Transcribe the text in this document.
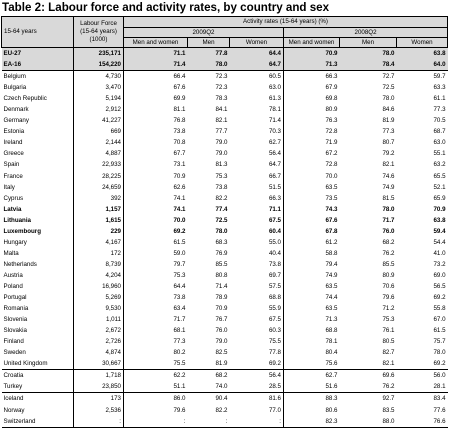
Table 2: Labour force and activity rates, by country and sex
15-64 years	Labour Force
(15-64 years)
(1000)	Activity rates (15-64 years) (%)					
		2009Q2			2008Q2		
		Men and women	Men	Women	Men and women	Men	Women
EU-27	235,171	71.1	77.8	64.4	70.9	78.0	63.8
EA-16	154,220	71.4	78.0	64.7	71.3	78.4	64.0
Belgium	4,730	66.4	72.3	60.5	66.3	72.7	59.7
Bulgaria	3,470	67.6	72.3	63.0	67.9	72.5	63.3
Czech Republic	5,194	69.9	78.3	61.3	69.8	78.0	61.1
Denmark	2,912	81.1	84.1	78.1	80.9	84.6	77.3
Germany	41,227	76.8	82.1	71.4	76.3	81.9	70.5
Estonia	669	73.8	77.7	70.3	72.8	77.3	68.7
Ireland	2,144	70.8	79.0	62.7	71.9	80.7	63.0
Greece	4,887	67.7	79.0	56.4	67.2	79.2	55.1
Spain	22,933	73.1	81.3	64.7	72.8	82.1	63.2
France	28,225	70.9	75.3	66.7	70.0	74.6	65.5
Italy	24,659	62.6	73.8	51.5	63.5	74.9	52.1
Cyprus	392	74.1	82.2	66.3	73.5	81.5	65.9
Latvia	1,157	74.1	77.4	71.1	74.3	78.0	70.9
Lithuania	1,615	70.0	72.5	67.5	67.6	71.7	63.8
Luxembourg	229	69.2	78.0	60.4	67.8	76.0	59.4
Hungary	4,167	61.5	68.3	55.0	61.2	68.2	54.4
Malta	172	59.0	76.9	40.4	58.8	76.2	41.0
Netherlands	8,739	79.7	85.5	73.8	79.4	85.5	73.2
Austria	4,204	75.3	80.8	69.7	74.9	80.9	69.0
Poland	16,960	64.4	71.4	57.5	63.5	70.6	56.5
Portugal	5,269	73.8	78.9	68.8	74.4	79.6	69.2
Romania	9,530	63.4	70.9	55.9	63.5	71.2	55.8
Slovenia	1,011	71.7	76.7	67.5	71.3	75.3	67.0
Slovakia	2,672	68.1	76.0	60.3	68.8	76.1	61.5
Finland	2,726	77.3	79.0	75.5	78.1	80.5	75.7
Sweden	4,874	80.2	82.5	77.8	80.4	82.7	78.0
United Kingdom	30,667	75.5	81.9	69.2	75.6	82.1	69.2
Croatia	1,718	62.2	68.2	56.4	62.7	69.6	56.0
Turkey	23,850	51.1	74.0	28.5	51.6	76.2	28.1
Iceland	173	86.0	90.4	81.6	88.3	92.7	83.4
Norway	2,536	79.6	82.2	77.0	80.6	83.5	77.6
Switzerland	:	:	:	:	82.3	88.0	76.6
